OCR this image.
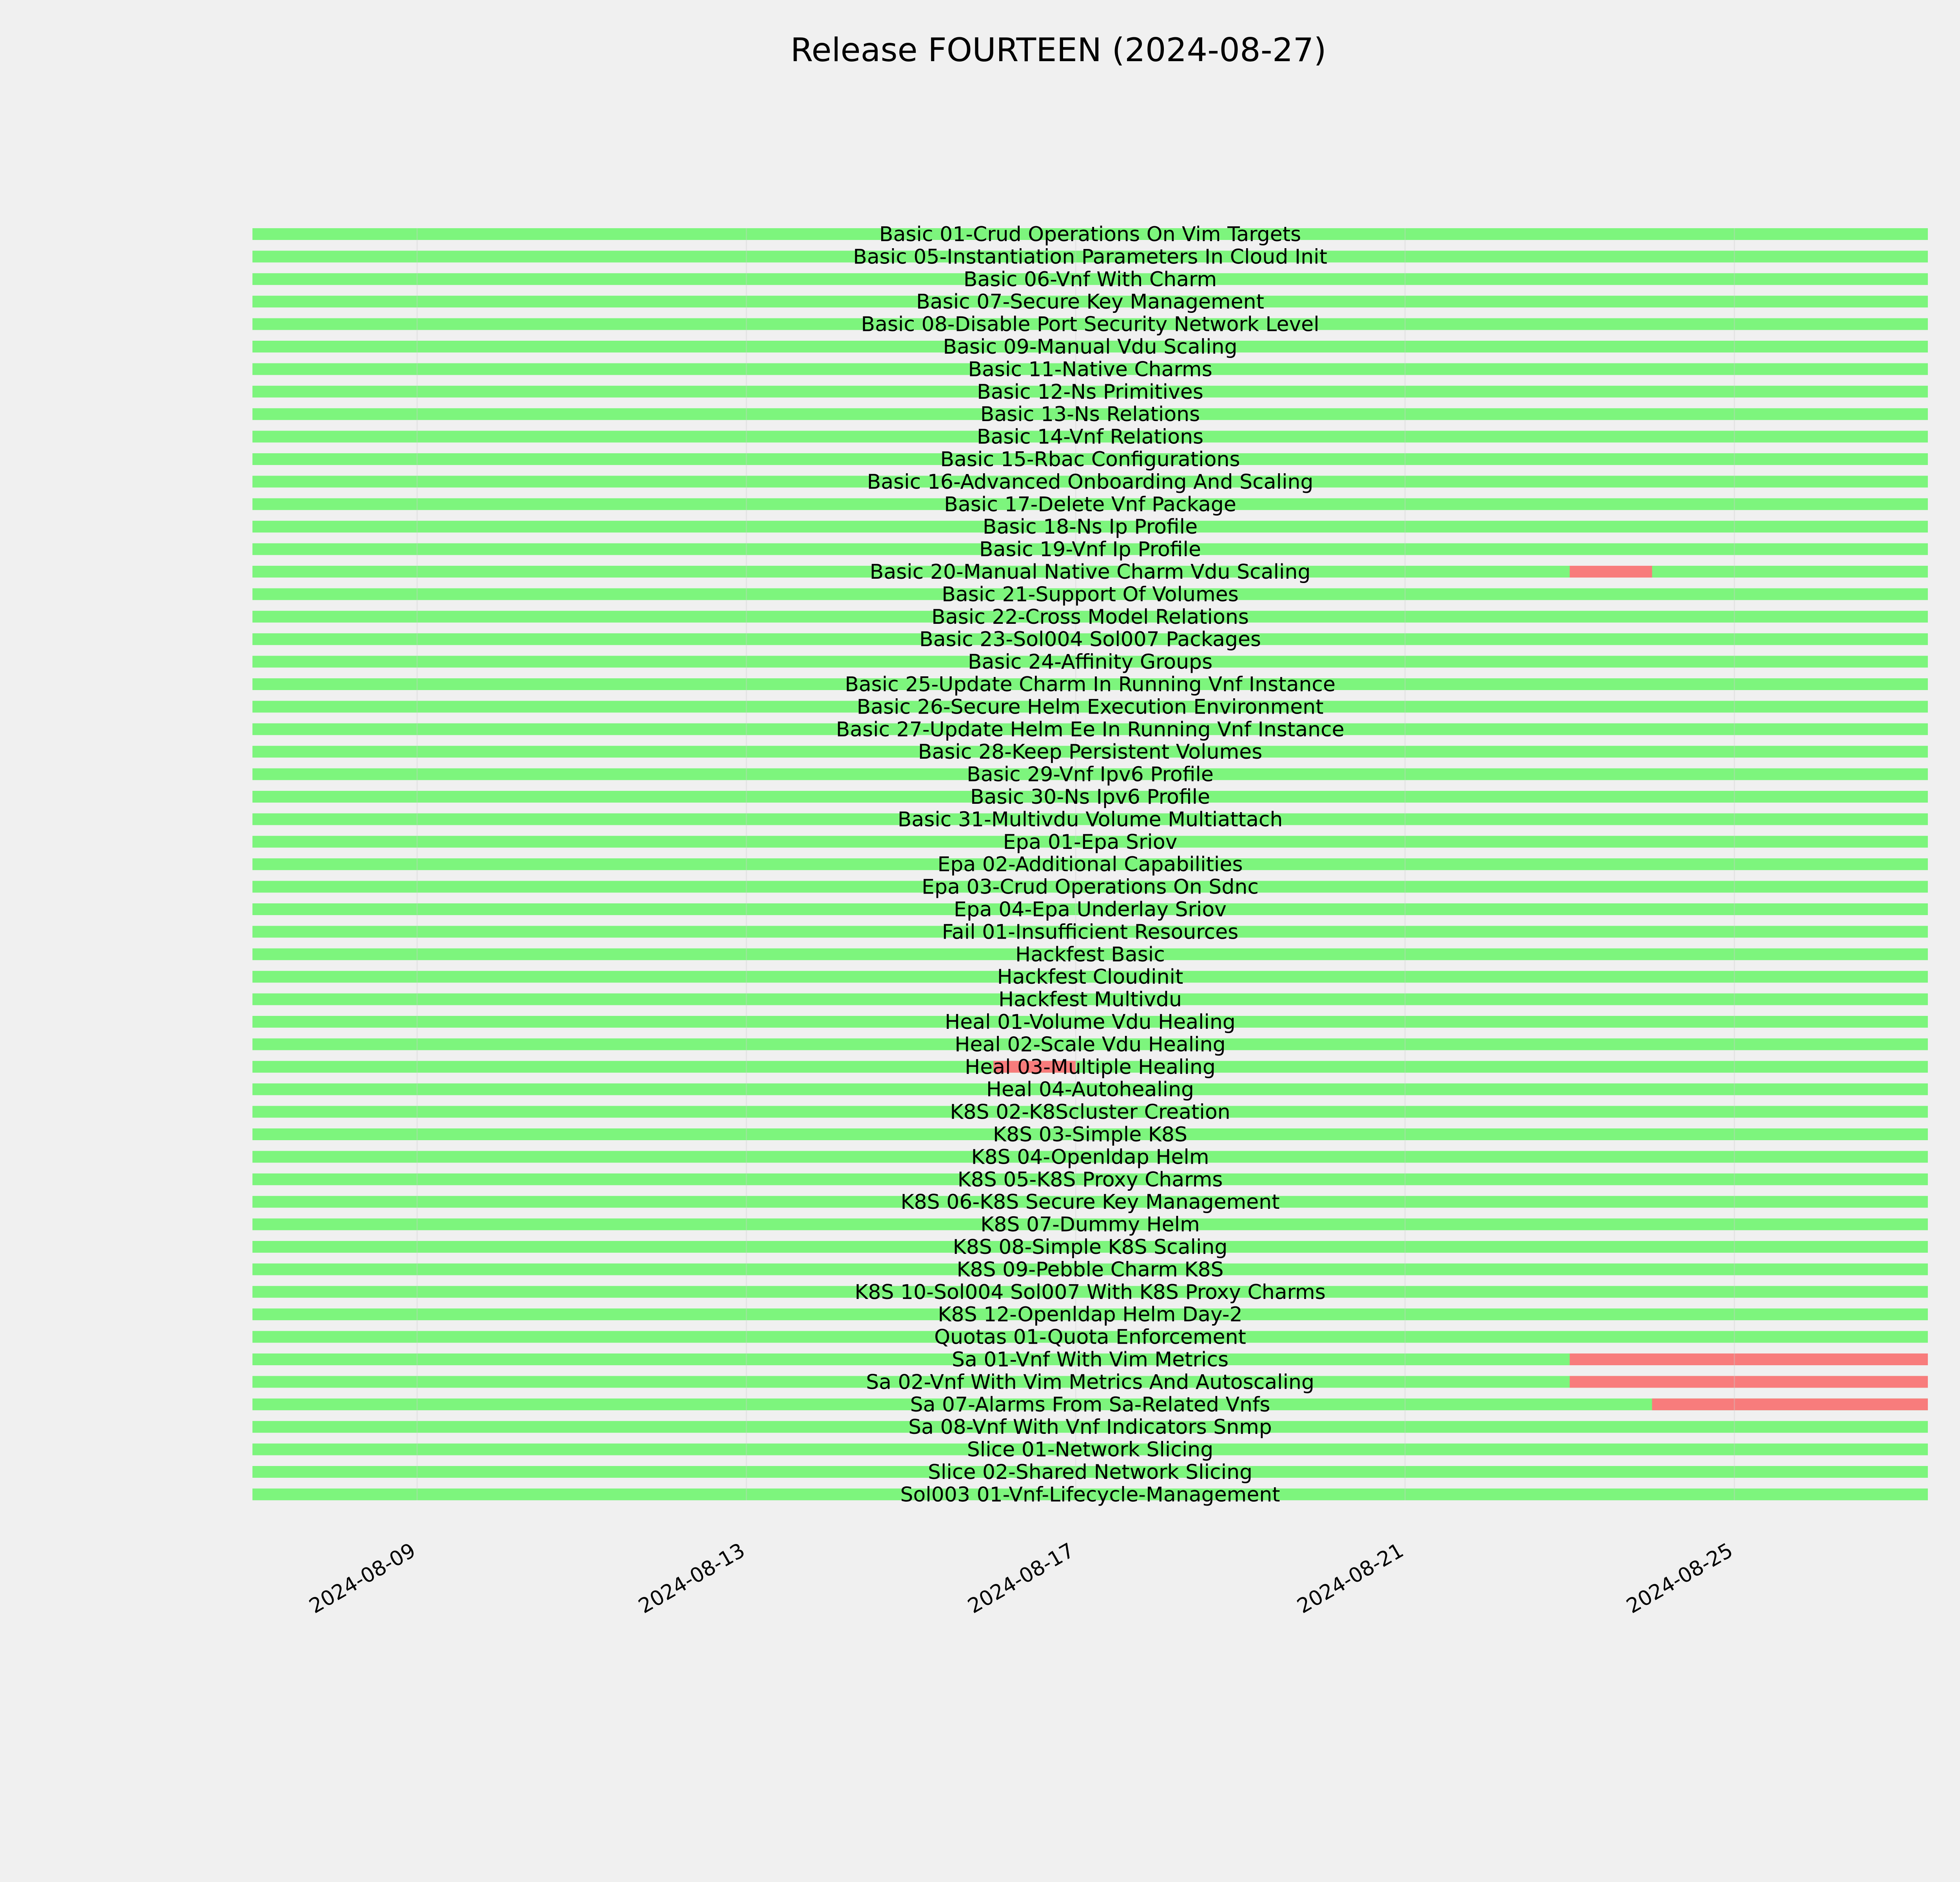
Release FOURTEEN (2024-08-27)
Basic 01-Crud Operations On Vim Targets
Basic 05-Instantiation Parameters In Cloud Init
Basic 06-Vnf With Charm
Basic 07-Secure Key Management
Basic 08-Disable Port Security Network Level
Basic 09-Manual Vdu Scaling
Basic 11-Native Charms
Basic 12-Ns Primitives
Basic 13-Ns Relations
Basic 14-Vnf Relations
Basic 15-Rbac Configurations
Basic 16-Advanced Onboarding And Scaling
Basic 17-Delete Vnf Package
Basic 18-Ns Ip Profile
Basic 19-Vnf Ip Profile
Basic 20-Manual Native Charm Vdu Scaling
Basic 21-Support Of Volumes
Basic 22-Cross Model Relations
Basic 23-Sol004 Sol007 Packages
Basic 24-Affinity Groups
Basic 25-Update Charm In Running Vnf Instance
Basic 26-Secure Helm Execution Environment
Basic 27-Update Helm Ee In Running Vnf Instance
Basic 28-Keep Persistent Volumes
Basic 29-Vnf Ipv6 Profile
Basic 30-Ns Ipv6 Profile
Basic 31-Multivdu Volume Multiattach
Epa 01-Epa Sriov
Epa 02-Additional Capabilities
Epa 03-Crud Operations On Sdnc
Epa 04-Epa Underlay Sriov
Fail 01-Insufficient Resources
Hackfest Basic
Hackfest Cloudinit
Hackfest Multivdu
Heal 01-Volume Vdu Healing
Heal 02-Scale Vdu Healing
Heal 03-Multiple Healing
Heal 04-Autohealing
K8S 02-K8Scluster Creation
K8S 03-Simple K8S
K8S 04-Openldap Helm
K8S 05-K8S Proxy Charms
K8S 06-K8S Secure Key Management
K8S 07-Dummy Helm
K8S 08-Simple K8S Scaling
K8S 09-Pebble Charm K8S
K8S 10-Sol004 Sol007 With K8S Proxy Charms
K8S 12-Openldap Helm Day-2
Quotas 01-Quota Enforcement
Sa 01-Vnf With Vim Metrics
Sa 02-Vnf With Vim Metrics And Autoscaling
Sa 07-Alarms From Sa-Related Vnfs
Sa 08-Vnf With Vnf Indicators Snmp
Slice 01-Network Slicing
Slice 02-Shared Network Slicing
Sol003 01-Vnf-Lifecycle-Management
2024-08-09	2024-08-13	2024-08-17	2024-08-21	2024-08-25
